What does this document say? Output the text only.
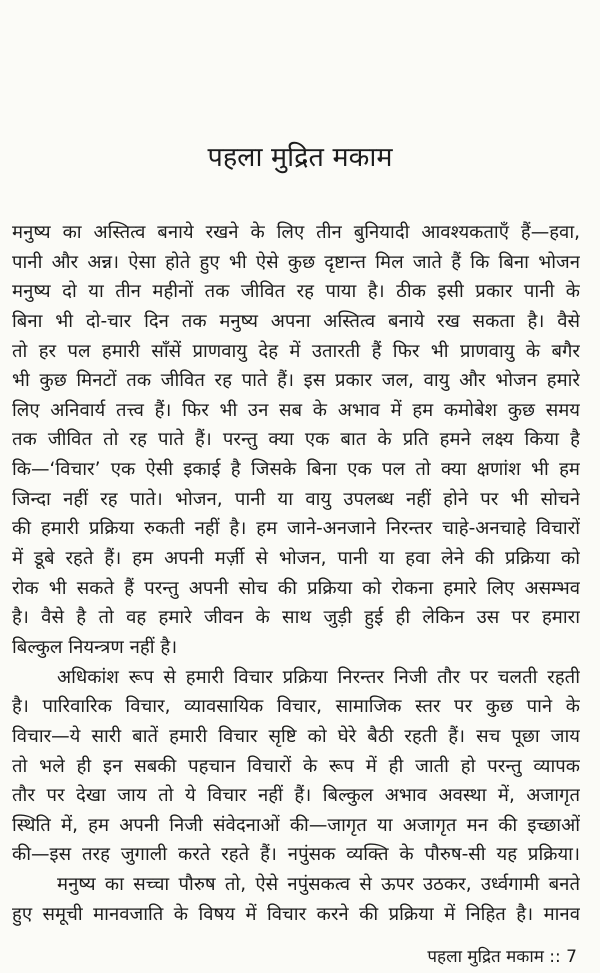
पहला मुद्रित मकाम
मनुष्य का अस्तित्व बनाये रखने के लिए तीन बुनियादी आवश्यकताएँ हैं—हवा,
पानी और अन्न। ऐसा होते हुए भी ऐसे कुछ दृष्टान्त मिल जाते हैं कि बिना भोजन
मनुष्य दो या तीन महीनों तक जीवित रह पाया है। ठीक इसी प्रकार पानी के
बिना भी दो-चार दिन तक मनुष्य अपना अस्तित्व बनाये रख सकता है। वैसे
तो हर पल हमारी साँसें प्राणवायु देह में उतारती हैं फिर भी प्राणवायु के बगैर
भी कुछ मिनटों तक जीवित रह पाते हैं। इस प्रकार जल, वायु और भोजन हमारे
लिए अनिवार्य तत्त्व हैं। फिर भी उन सब के अभाव में हम कमोबेश कुछ समय
तक जीवित तो रह पाते हैं। परन्तु क्या एक बात के प्रति हमने लक्ष्य किया है
कि—‘विचार’ एक ऐसी इकाई है जिसके बिना एक पल तो क्या क्षणांश भी हम
जिन्दा नहीं रह पाते। भोजन, पानी या वायु उपलब्ध नहीं होने पर भी सोचने
की हमारी प्रक्रिया रुकती नहीं है। हम जाने-अनजाने निरन्तर चाहे-अनचाहे विचारों
में डूबे रहते हैं। हम अपनी मर्ज़ी से भोजन, पानी या हवा लेने की प्रक्रिया को
रोक भी सकते हैं परन्तु अपनी सोच की प्रक्रिया को रोकना हमारे लिए असम्भव
है। वैसे है तो वह हमारे जीवन के साथ जुड़ी हुई ही लेकिन उस पर हमारा
बिल्कुल नियन्त्रण नहीं है।
अधिकांश रूप से हमारी विचार प्रक्रिया निरन्तर निजी तौर पर चलती रहती
है। पारिवारिक विचार, व्यावसायिक विचार, सामाजिक स्तर पर कुछ पाने के
विचार—ये सारी बातें हमारी विचार सृष्टि को घेरे बैठी रहती हैं। सच पूछा जाय
तो भले ही इन सबकी पहचान विचारों के रूप में ही जाती हो परन्तु व्यापक
तौर पर देखा जाय तो ये विचार नहीं हैं। बिल्कुल अभाव अवस्था में, अजागृत
स्थिति में, हम अपनी निजी संवेदनाओं की—जागृत या अजागृत मन की इच्छाओं
की—इस तरह जुगाली करते रहते हैं। नपुंसक व्यक्ति के पौरुष-सी यह प्रक्रिया।
मनुष्य का सच्चा पौरुष तो, ऐसे नपुंसकत्व से ऊपर उठकर, उर्ध्वगामी बनते
हुए समूची मानवजाति के विषय में विचार करने की प्रक्रिया में निहित है। मानव
पहला मुद्रित मकाम :: 7
